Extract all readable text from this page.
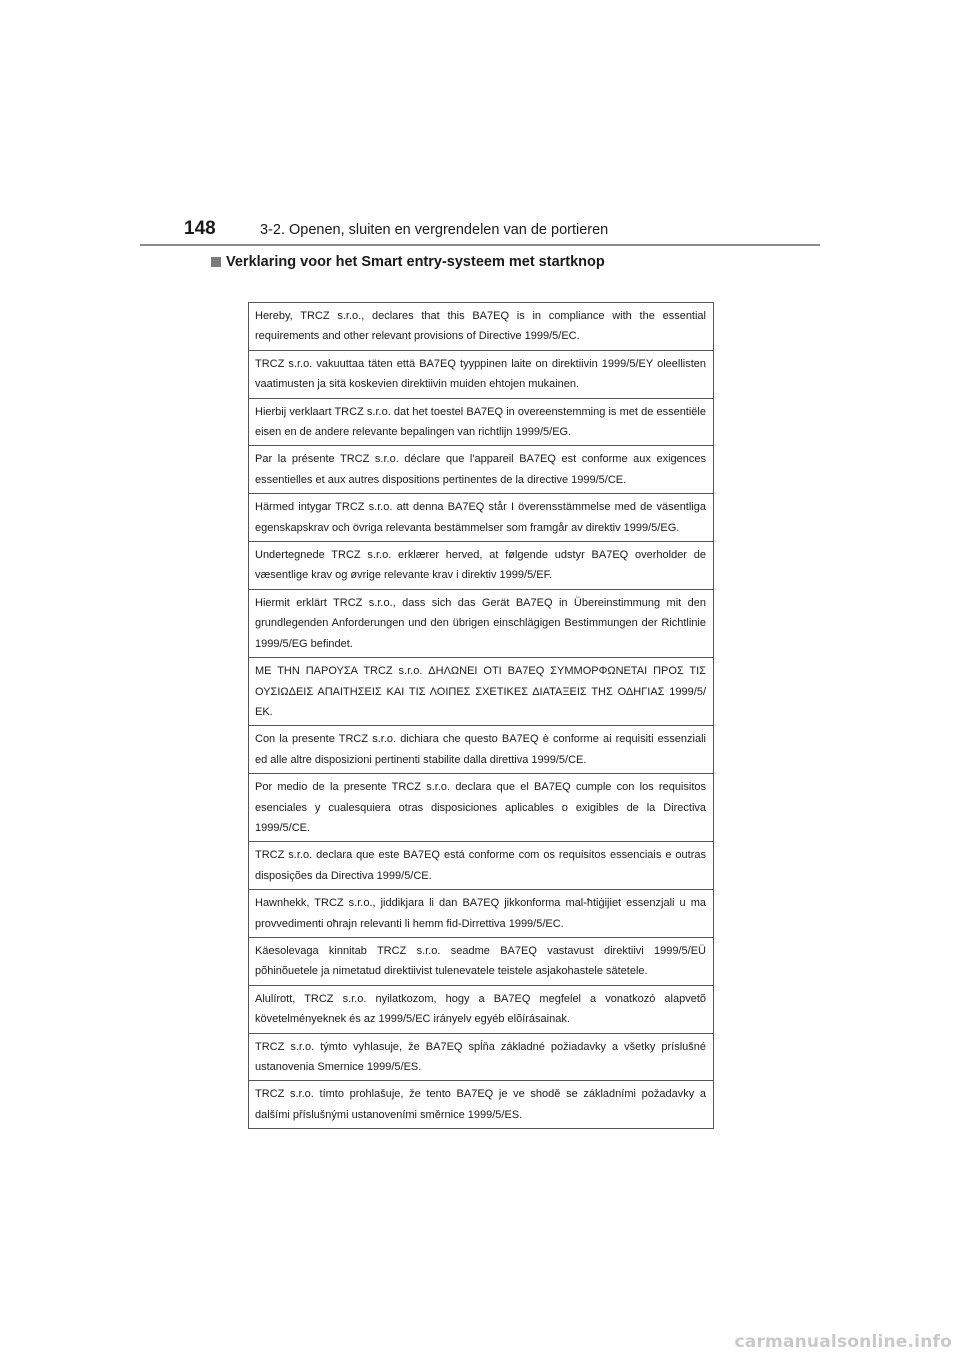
148	3-2. Openen, sluiten en vergrendelen van de portieren
Verklaring voor het Smart entry-systeem met startknop
Hereby, TRCZ s.r.o., declares that this BA7EQ is in compliance with the essential requirements and other relevant provisions of Directive 1999/5/EC.
TRCZ s.r.o. vakuuttaa täten että BA7EQ tyyppinen laite on direktiivin 1999/5/EY oleellisten vaatimusten ja sitä koskevien direktiivin muiden ehtojen mukainen.
Hierbij verklaart TRCZ s.r.o. dat het toestel BA7EQ in overeenstemming is met de essentiële eisen en de andere relevante bepalingen van richtlijn 1999/5/EG.
Par la présente TRCZ s.r.o. déclare que l'appareil BA7EQ est conforme aux exigences essentielles et aux autres dispositions pertinentes de la directive 1999/5/CE.
Härmed intygar TRCZ s.r.o. att denna BA7EQ står I överensstämmelse med de väsentliga egenskapskrav och övriga relevanta bestämmelser som framgår av direktiv 1999/5/EG.
Undertegnede TRCZ s.r.o. erklærer herved, at følgende udstyr BA7EQ overholder de væsentlige krav og øvrige relevante krav i direktiv 1999/5/EF.
Hiermit erklärt TRCZ s.r.o., dass sich das Gerät BA7EQ in Übereinstimmung mit den grundlegenden Anforderungen und den übrigen einschlägigen Bestimmungen der Richtlinie 1999/5/EG befindet.
ΜΕ ΤΗΝ ΠΑΡΟΥΣΑ TRCZ s.r.o. ΔΗΛΩΝΕΙ ΟΤΙ BA7EQ ΣΥΜΜΟΡΦΩΝΕΤΑΙ ΠΡΟΣ ΤΙΣ ΟΥΣΙΩΔΕΙΣ ΑΠΑΙΤΗΣΕΙΣ ΚΑΙ ΤΙΣ ΛΟΙΠΕΣ ΣΧΕΤΙΚΕΣ ΔΙΑΤΑΞΕΙΣ ΤΗΣ ΟΔΗΓΙΑΣ 1999/5/ΕΚ.
Con la presente TRCZ s.r.o. dichiara che questo BA7EQ è conforme ai requisiti essenziali ed alle altre disposizioni pertinenti stabilite dalla direttiva 1999/5/CE.
Por medio de la presente TRCZ s.r.o. declara que el BA7EQ cumple con los requisitos esenciales y cualesquiera otras disposiciones aplicables o exigibles de la Directiva 1999/5/CE.
TRCZ s.r.o. declara que este BA7EQ está conforme com os requisitos essenciais e outras disposições da Directiva 1999/5/CE.
Hawnhekk, TRCZ s.r.o., jiddikjara li dan BA7EQ jikkonforma mal-ħtiġijiet essenzjali u ma provvedimenti oħrajn relevanti li hemm fid-Dirrettiva 1999/5/EC.
Käesolevaga kinnitab TRCZ s.r.o. seadme BA7EQ vastavust direktiivi 1999/5/EÜ põhinõuetele ja nimetatud direktiivist tulenevatele teistele asjakohastele sätetele.
Alulírott, TRCZ s.r.o. nyilatkozom, hogy a BA7EQ megfelel a vonatkozó alapvetõ követelményeknek és az 1999/5/EC irányelv egyéb elõírásainak.
TRCZ s.r.o. týmto vyhlasuje, že BA7EQ spĺňa základné požiadavky a všetky príslušné ustanovenia Smernice 1999/5/ES.
TRCZ s.r.o. tímto prohlašuje, že tento BA7EQ je ve shodě se základními požadavky a dalšími příslušnými ustanoveními směrnice 1999/5/ES.
carmanualsonline.info
